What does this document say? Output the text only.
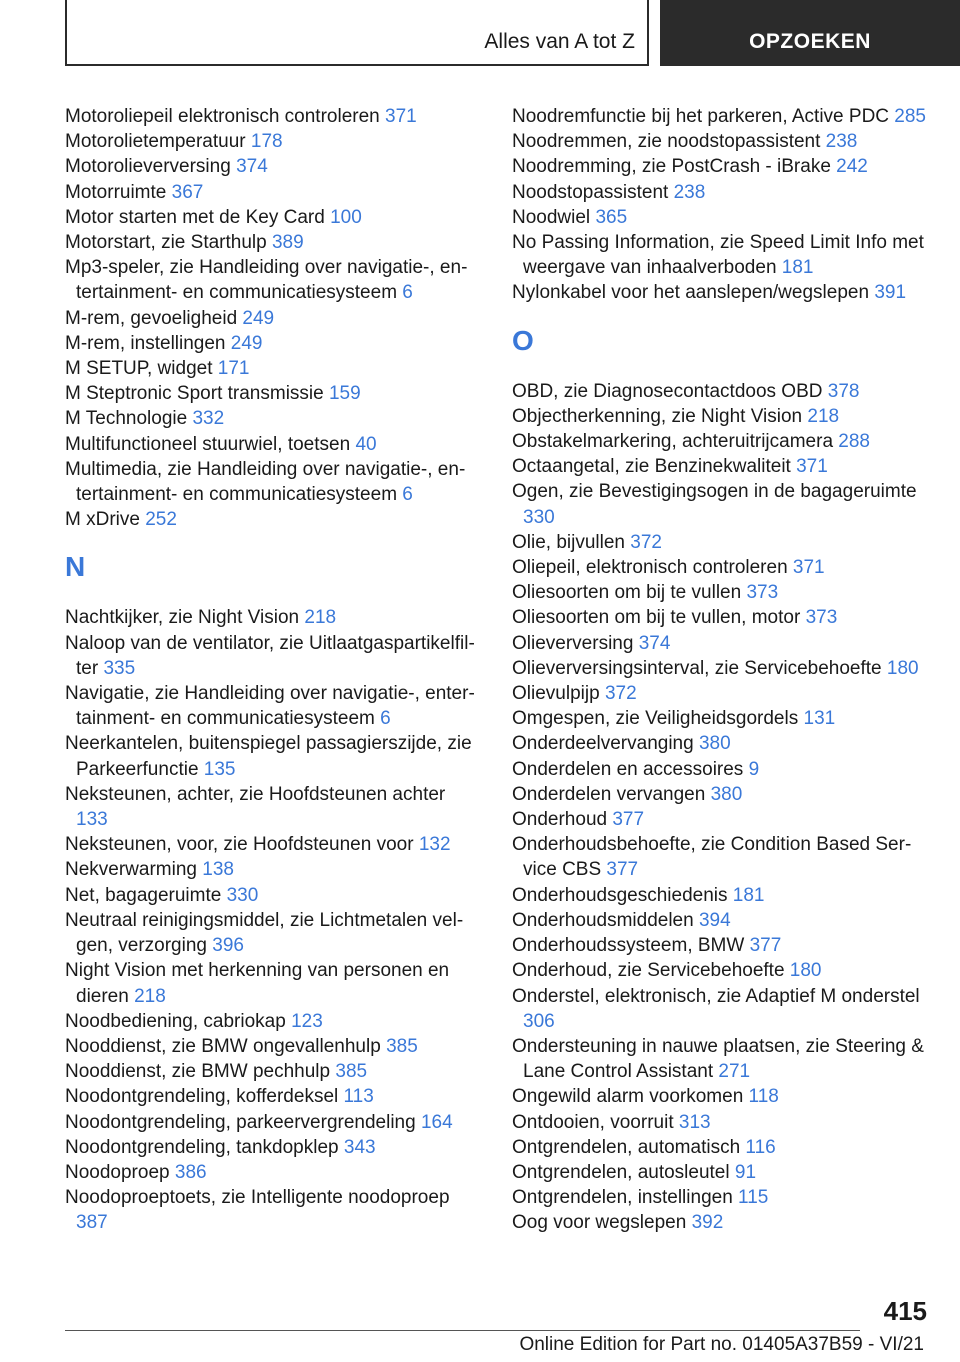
Alles van A tot Z	OPZOEKEN
Motoroliepeil elektronisch controleren 371
Motorolietemperatuur 178
Motorolieverversing 374
Motorruimte 367
Motor starten met de Key Card 100
Motorstart, zie Starthulp 389
Mp3-speler, zie Handleiding over navigatie-, entertainment- en communicatiesysteem 6
M-rem, gevoeligheid 249
M-rem, instellingen 249
M SETUP, widget 171
M Steptronic Sport transmissie 159
M Technologie 332
Multifunctioneel stuurwiel, toetsen 40
Multimedia, zie Handleiding over navigatie-, entertainment- en communicatiesysteem 6
M xDrive 252
N
Nachtkijker, zie Night Vision 218
Naloop van de ventilator, zie Uitlaatgaspartikelfilter 335
Navigatie, zie Handleiding over navigatie-, entertainment- en communicatiesysteem 6
Neerkantelen, buitenspiegel passagierszijde, zie Parkeerfunctie 135
Neksteunen, achter, zie Hoofdsteunen achter 133
Neksteunen, voor, zie Hoofdsteunen voor 132
Nekverwarming 138
Net, bagageruimte 330
Neutraal reinigingsmiddel, zie Lichtmetalen velgen, verzorging 396
Night Vision met herkenning van personen en dieren 218
Noodbediening, cabriokap 123
Nooddienst, zie BMW ongevallenhulp 385
Nooddienst, zie BMW pechhulp 385
Noodontgrendeling, kofferdeksel 113
Noodontgrendeling, parkeervergrendeling 164
Noodontgrendeling, tankdopklep 343
Noodoproep 386
Noodoproeptoets, zie Intelligente noodoproep 387
Noodremfunctie bij het parkeren, Active PDC 285
Noodremmen, zie noodstopassistent 238
Noodremming, zie PostCrash - iBrake 242
Noodstopassistent 238
Noodwiel 365
No Passing Information, zie Speed Limit Info met weergave van inhaalverboden 181
Nylonkabel voor het aanslepen/wegslepen 391
O
OBD, zie Diagnosecontactdoos OBD 378
Objectherkenning, zie Night Vision 218
Obstakelmarkering, achteruitrijcamera 288
Octaangetal, zie Benzinekwaliteit 371
Ogen, zie Bevestigingsogen in de bagageruimte 330
Olie, bijvullen 372
Oliepeil, elektronisch controleren 371
Oliesoorten om bij te vullen 373
Oliesoorten om bij te vullen, motor 373
Olieverversing 374
Olieverversingsinterval, zie Servicebehoefte 180
Olievulpijp 372
Omgespen, zie Veiligheidsgordels 131
Onderdeelvervanging 380
Onderdelen en accessoires 9
Onderdelen vervangen 380
Onderhoud 377
Onderhoudsbehoefte, zie Condition Based Service CBS 377
Onderhoudsgeschiedenis 181
Onderhoudsmiddelen 394
Onderhoudssysteem, BMW 377
Onderhoud, zie Servicebehoefte 180
Onderstel, elektronisch, zie Adaptief M onderstel 306
Ondersteuning in nauwe plaatsen, zie Steering & Lane Control Assistant 271
Ongewild alarm voorkomen 118
Ontdooien, voorruit 313
Ontgrendelen, automatisch 116
Ontgrendelen, autosleutel 91
Ontgrendelen, instellingen 115
Oog voor wegslepen 392
415
Online Edition for Part no. 01405A37B59 - VI/21
